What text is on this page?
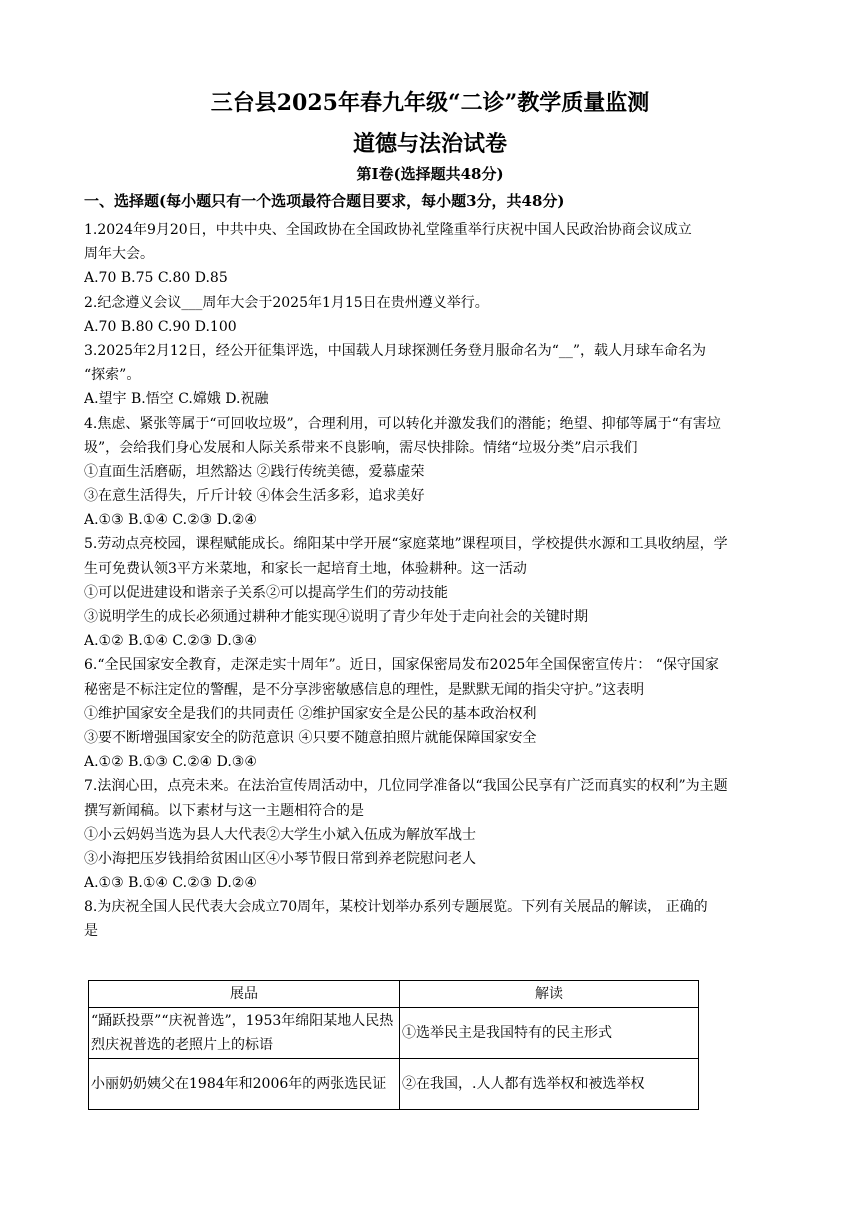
三台县2025年春九年级“二诊”教学质量监测
道德与法治试卷
第Ⅰ卷(选择题共48分)
一、选择题(每小题只有一个选项最符合题目要求，每小题3分，共48分)
1.2024年9月20日，中共中央、全国政协在全国政协礼堂隆重举行庆祝中国人民政治协商会议成立
周年大会。
A.70 B.75 C.80 D.85
2.纪念遵义会议___周年大会于2025年1月15日在贵州遵义举行。
A.70 B.80 C.90 D.100
3.2025年2月12日，经公开征集评选，中国载人月球探测任务登月服命名为“__”，载人月球车命名为
“探索”。
A.望宇 B.悟空 C.嫦娥 D.祝融
4.焦虑、紧张等属于“可回收垃圾”，合理利用，可以转化并激发我们的潜能；绝望、抑郁等属于“有害垃
圾”，会给我们身心发展和人际关系带来不良影响，需尽快排除。情绪“垃圾分类”启示我们
①直面生活磨砺，坦然豁达 ②践行传统美德，爱慕虚荣
③在意生活得失，斤斤计较 ④体会生活多彩，追求美好
A.①③ B.①④ C.②③ D.②④
5.劳动点亮校园，课程赋能成长。绵阳某中学开展“家庭菜地”课程项目，学校提供水源和工具收纳屋，学
生可免费认领3平方米菜地，和家长一起培育土地，体验耕种。这一活动
①可以促进建设和谐亲子关系②可以提高学生们的劳动技能
③说明学生的成长必须通过耕种才能实现④说明了青少年处于走向社会的关键时期
A.①② B.①④ C.②③ D.③④
6.“全民国家安全教育，走深走实十周年”。近日，国家保密局发布2025年全国保密宣传片： “保守国家
秘密是不标注定位的警醒，是不分享涉密敏感信息的理性，是默默无闻的指尖守护。”这表明
①维护国家安全是我们的共同责任 ②维护国家安全是公民的基本政治权利
③要不断增强国家安全的防范意识 ④只要不随意拍照片就能保障国家安全
A.①② B.①③ C.②④ D.③④
7.法润心田，点亮未来。在法治宣传周活动中，几位同学准备以“我国公民享有广泛而真实的权利”为主题
撰写新闻稿。以下素材与这一主题相符合的是
①小云妈妈当选为县人大代表②大学生小斌入伍成为解放军战士
③小海把压岁钱捐给贫困山区④小琴节假日常到养老院慰问老人
A.①③ B.①④ C.②③ D.②④
8.为庆祝全国人民代表大会成立70周年，某校计划举办系列专题展览。下列有关展品的解读， 正确的
是
展品	解读
“踊跃投票”“庆祝普选”，1953年绵阳某地人民热烈庆祝普选的老照片上的标语	①选举民主是我国特有的民主形式
小丽奶奶姨父在1984年和2006年的两张选民证	②在我国，.人人都有选举权和被选举权
